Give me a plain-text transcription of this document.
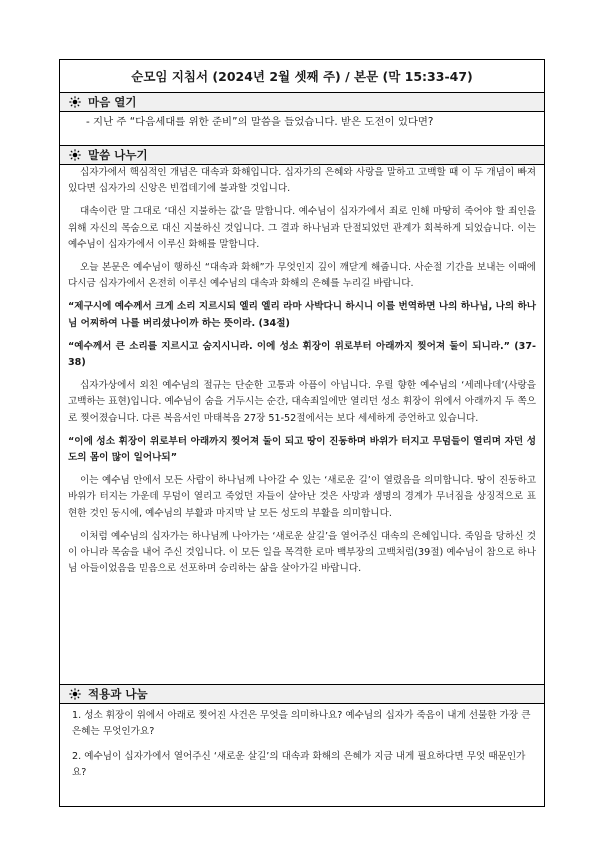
순모임 지침서 (2024년 2월 셋째 주) / 본문 (막 15:33-47)
마음 열기
- 지난 주 “다음세대를 위한 준비”의 말씀을 들었습니다. 받은 도전이 있다면?
말씀 나누기

십자가에서 핵심적인 개념은 대속과 화해입니다. 십자가의 은혜와 사랑을 말하고 고백할 때 이 두 개념이 빠져 있다면 십자가의 신앙은 빈껍데기에 불과할 것입니다.

대속이란 말 그대로 ‘대신 지불하는 값’을 말합니다. 예수님이 십자가에서 죄로 인해 마땅히 죽어야 할 죄인을 위해 자신의 목숨으로 대신 지불하신 것입니다. 그 결과 하나님과 단절되었던 관계가 회복하게 되었습니다. 이는 예수님이 십자가에서 이루신 화해를 말합니다.

오늘 본문은 예수님이 행하신 “대속과 화해”가 무엇인지 깊이 깨닫게 해줍니다. 사순절 기간을 보내는 이때에 다시금 십자가에서 온전히 이루신 예수님의 대속과 화해의 은혜를 누리길 바랍니다.

“제구시에 예수께서 크게 소리 지르시되 엘리 엘리 라마 사박다니 하시니 이를 번역하면 나의 하나님, 나의 하나님 어찌하여 나를 버리셨나이까 하는 뜻이라. (34절)

“예수께서 큰 소리를 지르시고 숨지시니라. 이에 성소 휘장이 위로부터 아래까지 찢어져 둘이 되니라.” (37-38)

십자가상에서 외친 예수님의 절규는 단순한 고통과 아픔이 아닙니다. 우릴 향한 예수님의 ‘세레나데’(사랑을 고백하는 표현)입니다. 예수님이 숨을 거두시는 순간, 대속죄일에만 열리던 성소 휘장이 위에서 아래까지 두 쪽으로 찢어졌습니다. 다른 복음서인 마태복음 27장 51-52절에서는 보다 세세하게 증언하고 있습니다.

“이에 성소 휘장이 위로부터 아래까지 찢어져 둘이 되고 땅이 진동하며 바위가 터지고 무덤들이 열리며 자던 성도의 몸이 많이 일어나되”

이는 예수님 안에서 모든 사람이 하나님께 나아갈 수 있는 ‘새로운 길’이 열렸음을 의미합니다. 땅이 진동하고 바위가 터지는 가운데 무덤이 열리고 죽었던 자들이 살아난 것은 사망과 생명의 경계가 무너짐을 상징적으로 표현한 것인 동시에, 예수님의 부활과 마지막 날 모든 성도의 부활을 의미합니다.

이처럼 예수님의 십자가는 하나님께 나아가는 ‘새로운 살길’을 열어주신 대속의 은혜입니다. 죽임을 당하신 것이 아니라 목숨을 내어 주신 것입니다. 이 모든 일을 목격한 로마 백부장의 고백처럼(39절) 예수님이 참으로 하나님 아들이었음을 믿음으로 선포하며 승리하는 삶을 살아가길 바랍니다.

적용과 나눔

1. 성소 휘장이 위에서 아래로 찢어진 사건은 무엇을 의미하나요? 예수님의 십자가 죽음이 내게 선물한 가장 큰 은혜는 무엇인가요?

2. 예수님이 십자가에서 열어주신 ‘새로운 살길’의 대속과 화해의 은혜가 지금 내게 필요하다면 무엇 때문인가요?
